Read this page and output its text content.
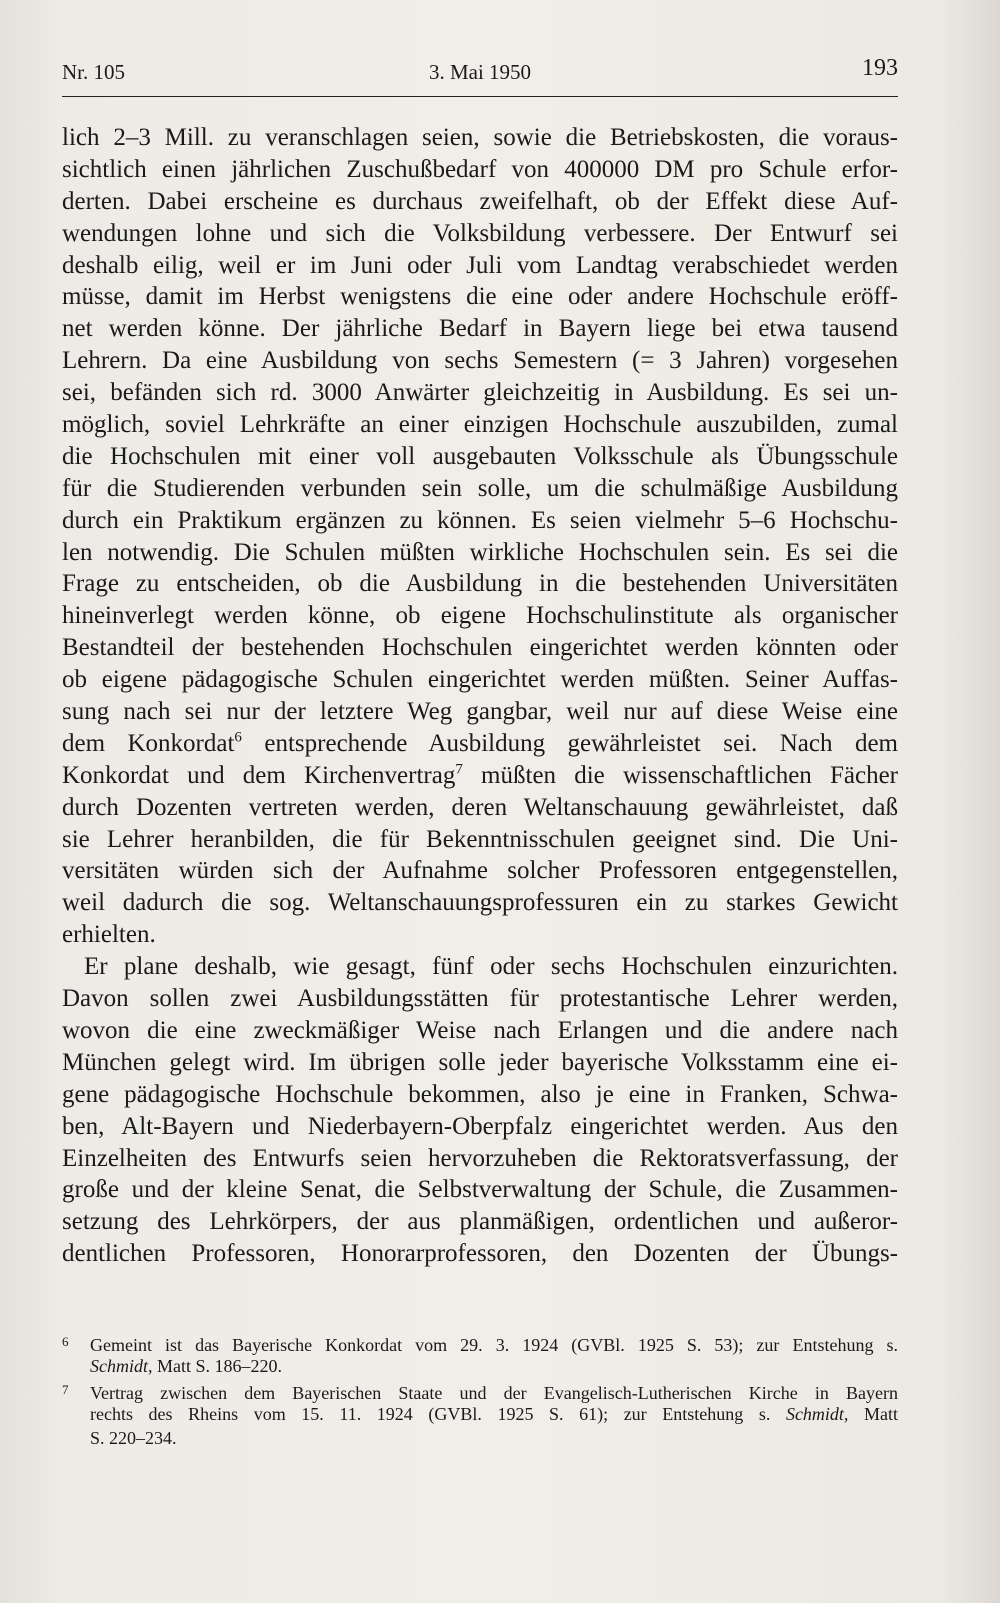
Nr. 105	3. Mai 1950	193
lich 2–3 Mill. zu veranschlagen seien, sowie die Betriebskosten, die voraus-
sichtlich einen jährlichen Zuschußbedarf von 400000 DM pro Schule erfor-
derten. Dabei erscheine es durchaus zweifelhaft, ob der Effekt diese Auf-
wendungen lohne und sich die Volksbildung verbessere. Der Entwurf sei
deshalb eilig, weil er im Juni oder Juli vom Landtag verabschiedet werden
müsse, damit im Herbst wenigstens die eine oder andere Hochschule eröff-
net werden könne. Der jährliche Bedarf in Bayern liege bei etwa tausend
Lehrern. Da eine Ausbildung von sechs Semestern (= 3 Jahren) vorgesehen
sei, befänden sich rd. 3000 Anwärter gleichzeitig in Ausbildung. Es sei un-
möglich, soviel Lehrkräfte an einer einzigen Hochschule auszubilden, zumal
die Hochschulen mit einer voll ausgebauten Volksschule als Übungsschule
für die Studierenden verbunden sein solle, um die schulmäßige Ausbildung
durch ein Praktikum ergänzen zu können. Es seien vielmehr 5–6 Hochschu-
len notwendig. Die Schulen müßten wirkliche Hochschulen sein. Es sei die
Frage zu entscheiden, ob die Ausbildung in die bestehenden Universitäten
hineinverlegt werden könne, ob eigene Hochschulinstitute als organischer
Bestandteil der bestehenden Hochschulen eingerichtet werden könnten oder
ob eigene pädagogische Schulen eingerichtet werden müßten. Seiner Auffas-
sung nach sei nur der letztere Weg gangbar, weil nur auf diese Weise eine
dem Konkordat$^6$ entsprechende Ausbildung gewährleistet sei. Nach dem
Konkordat und dem Kirchenvertrag$^7$ müßten die wissenschaftlichen Fächer
durch Dozenten vertreten werden, deren Weltanschauung gewährleistet, daß
sie Lehrer heranbilden, die für Bekenntnisschulen geeignet sind. Die Uni-
versitäten würden sich der Aufnahme solcher Professoren entgegenstellen,
weil dadurch die sog. Weltanschauungsprofessuren ein zu starkes Gewicht
erhielten.
Er plane deshalb, wie gesagt, fünf oder sechs Hochschulen einzurichten.
Davon sollen zwei Ausbildungsstätten für protestantische Lehrer werden,
wovon die eine zweckmäßiger Weise nach Erlangen und die andere nach
München gelegt wird. Im übrigen solle jeder bayerische Volksstamm eine ei-
gene pädagogische Hochschule bekommen, also je eine in Franken, Schwa-
ben, Alt-Bayern und Niederbayern-Oberpfalz eingerichtet werden. Aus den
Einzelheiten des Entwurfs seien hervorzuheben die Rektoratsverfassung, der
große und der kleine Senat, die Selbstverwaltung der Schule, die Zusammen-
setzung des Lehrkörpers, der aus planmäßigen, ordentlichen und außeror-
dentlichen Professoren, Honorarprofessoren, den Dozenten der Übungs-
6 Gemeint ist das Bayerische Konkordat vom 29. 3. 1924 (GVBl. 1925 S. 53); zur Entstehung s.
Schmidt, Matt S. 186–220.
7 Vertrag zwischen dem Bayerischen Staate und der Evangelisch-Lutherischen Kirche in Bayern
rechts des Rheins vom 15. 11. 1924 (GVBl. 1925 S. 61); zur Entstehung s. Schmidt, Matt
S. 220–234.
